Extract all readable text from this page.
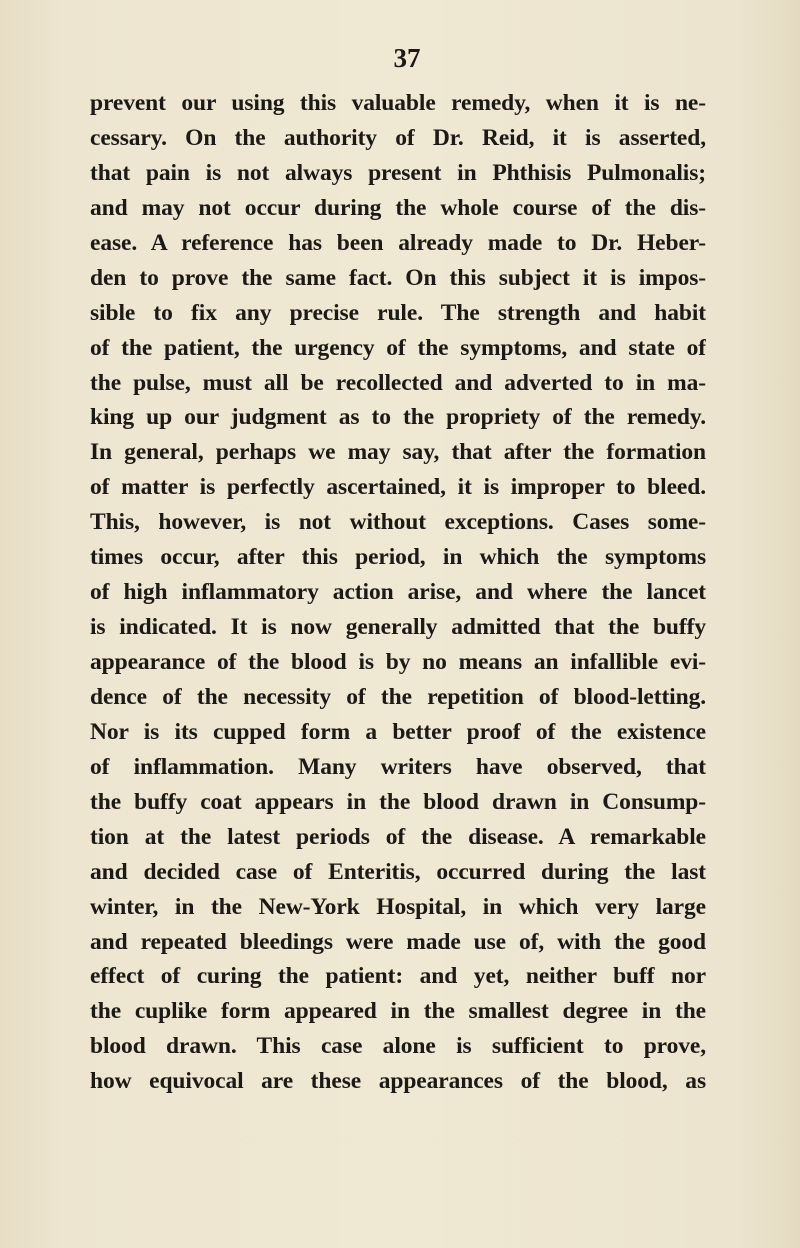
37
prevent our using this valuable remedy, when it is ne-
cessary. On the authority of Dr. Reid, it is asserted,
that pain is not always present in Phthisis Pulmonalis;
and may not occur during the whole course of the dis-
ease. A reference has been already made to Dr. Heber-
den to prove the same fact. On this subject it is impos-
sible to fix any precise rule. The strength and habit
of the patient, the urgency of the symptoms, and state of
the pulse, must all be recollected and adverted to in ma-
king up our judgment as to the propriety of the remedy.
In general, perhaps we may say, that after the formation
of matter is perfectly ascertained, it is improper to bleed.
This, however, is not without exceptions. Cases some-
times occur, after this period, in which the symptoms
of high inflammatory action arise, and where the lancet
is indicated. It is now generally admitted that the buffy
appearance of the blood is by no means an infallible evi-
dence of the necessity of the repetition of blood-letting.
Nor is its cupped form a better proof of the existence
of inflammation. Many writers have observed, that
the buffy coat appears in the blood drawn in Consump-
tion at the latest periods of the disease. A remarkable
and decided case of Enteritis, occurred during the last
winter, in the New-York Hospital, in which very large
and repeated bleedings were made use of, with the good
effect of curing the patient: and yet, neither buff nor
the cuplike form appeared in the smallest degree in the
blood drawn. This case alone is sufficient to prove,
how equivocal are these appearances of the blood, as
